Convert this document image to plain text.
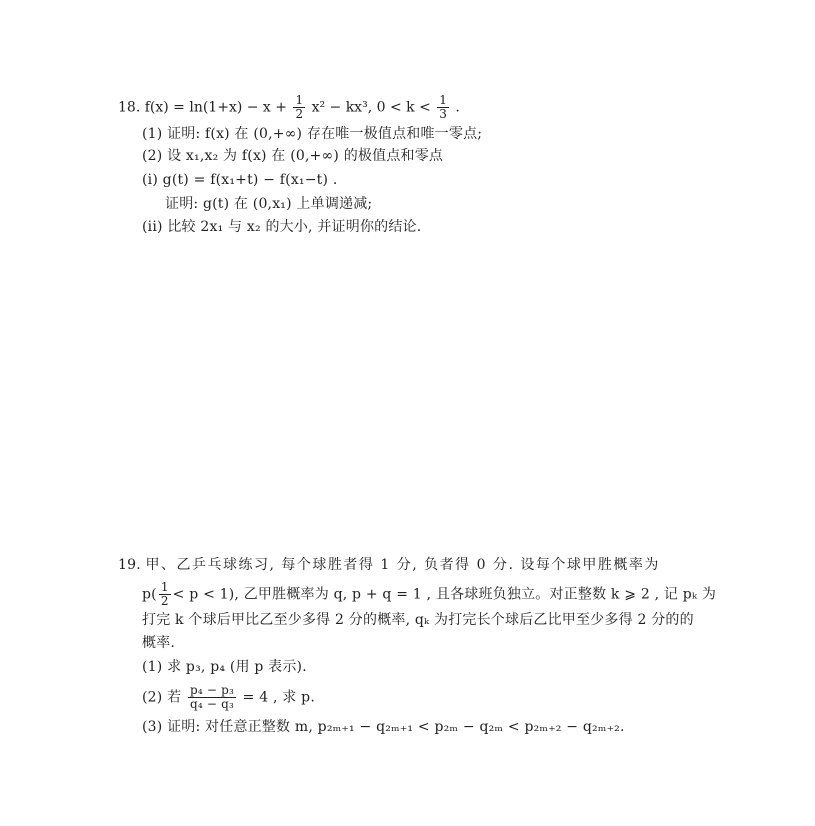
18. $f(x) = \ln(1+x) - x + \frac{1}{2} x^2 - kx^3$, $0 < k < \frac{1}{3}$ .
(1) 证明: f(x) 在 (0,+∞) 存在唯一极值点和唯一零点;
(2) 设 x₁,x₂ 为 f(x) 在 (0,+∞) 的极值点和零点
(i) g(t) = f(x₁+t) − f(x₁−t) .
证明: g(t) 在 (0,x₁) 上单调递减;
(ii) 比较 2x₁ 与 x₂ 的大小, 并证明你的结论.
19. 甲、乙乒乓球练习, 每个球胜者得 1 分, 负者得 0 分. 设每个球甲胜概率为
$p( \frac{1}{2} < p < 1)$, 乙甲胜概率为 q, p + q = 1 , 且各球班负独立。对正整数 k ⩾ 2 , 记 pₖ 为
打完 k 个球后甲比乙至少多得 2 分的概率, qₖ 为打完长个球后乙比甲至少多得 2 分的的
概率.
(1) 求 p₃, p₄ (用 p 表示).
(2) 若 $\frac{\text{p₄ − p₃}}{\text{q₄ − q₃}} = 4$ , 求 p.
(3) 证明: 对任意正整数 m, p₂ₘ₊₁ − q₂ₘ₊₁ < p₂ₘ − q₂ₘ < p₂ₘ₊₂ − q₂ₘ₊₂.
